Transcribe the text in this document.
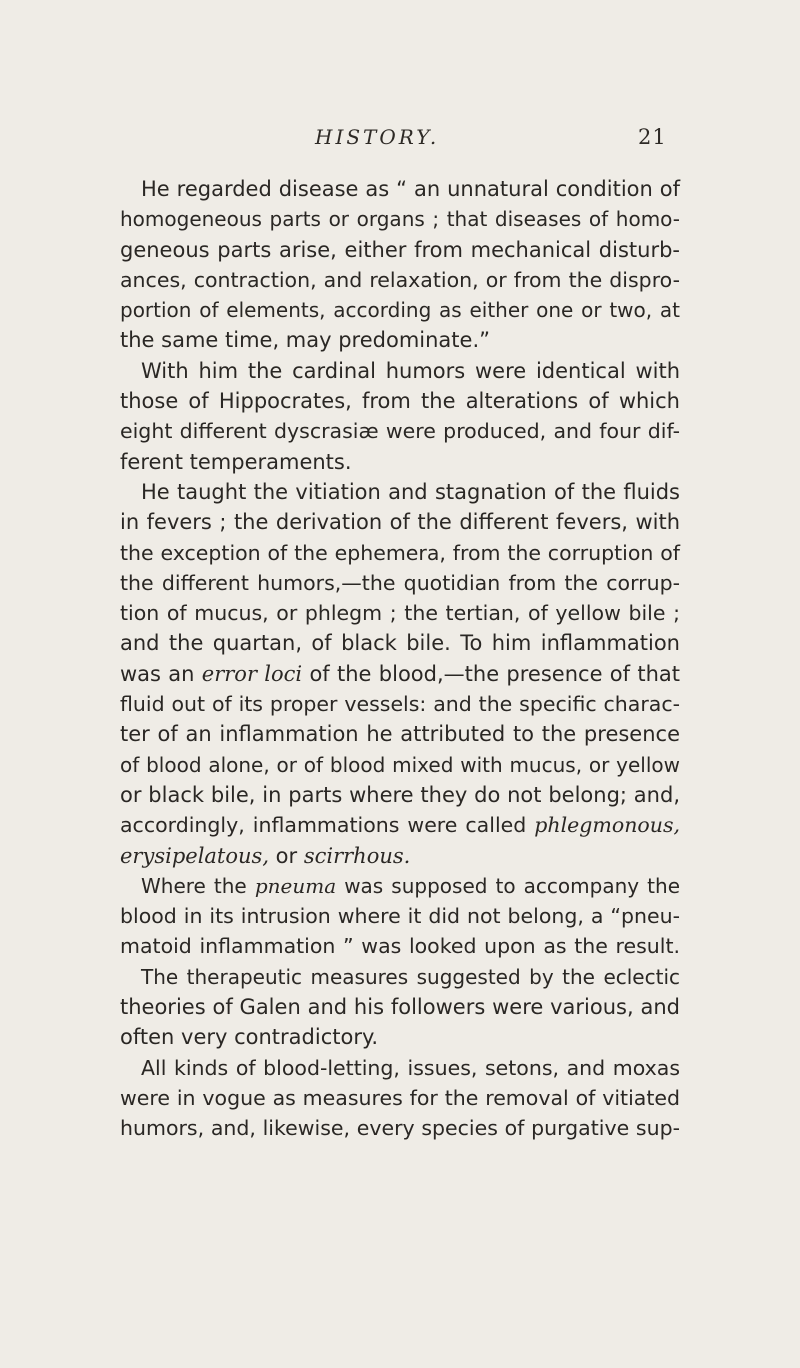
HISTORY.	21
He regarded disease as “ an unnatural condition of
homogeneous parts or organs ; that diseases of homo-
geneous parts arise, either from mechanical disturb-
ances, contraction, and relaxation, or from the dispro-
portion of elements, according as either one or two, at
the same time, may predominate.”
With him the cardinal humors were identical with
those of Hippocrates, from the alterations of which
eight different dyscrasiæ were produced, and four dif-
ferent temperaments.
He taught the vitiation and stagnation of the fluids
in fevers ; the derivation of the different fevers, with
the exception of the ephemera, from the corruption of
the different humors,—the quotidian from the corrup-
tion of mucus, or phlegm ; the tertian, of yellow bile ;
and the quartan, of black bile. To him inflammation
was an error loci of the blood,—the presence of that
fluid out of its proper vessels: and the specific charac-
ter of an inflammation he attributed to the presence
of blood alone, or of blood mixed with mucus, or yellow
or black bile, in parts where they do not belong; and,
accordingly, inflammations were called phlegmonous,
erysipelatous, or scirrhous.
Where the pneuma was supposed to accompany the
blood in its intrusion where it did not belong, a “pneu-
matoid inflammation ” was looked upon as the result.
The therapeutic measures suggested by the eclectic
theories of Galen and his followers were various, and
often very contradictory.
All kinds of blood-letting, issues, setons, and moxas
were in vogue as measures for the removal of vitiated
humors, and, likewise, every species of purgative sup-
